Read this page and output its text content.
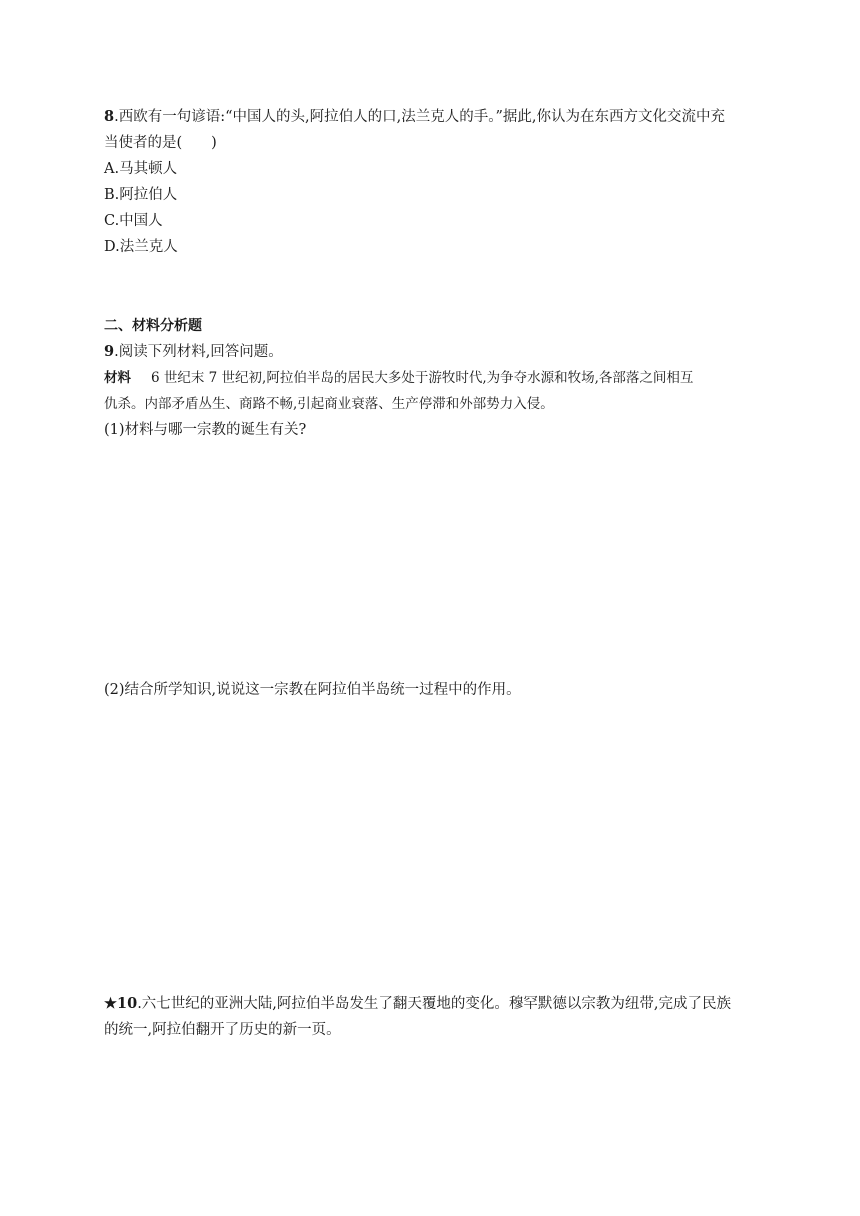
8.西欧有一句谚语:“中国人的头,阿拉伯人的口,法兰克人的手。”据此,你认为在东西方文化交流中充
当使者的是(　　)
A.马其顿人
B.阿拉伯人
C.中国人
D.法兰克人
二、材料分析题
9.阅读下列材料,回答问题。
材料 6 世纪末 7 世纪初,阿拉伯半岛的居民大多处于游牧时代,为争夺水源和牧场,各部落之间相互
仇杀。内部矛盾丛生、商路不畅,引起商业衰落、生产停滞和外部势力入侵。
(1)材料与哪一宗教的诞生有关?
(2)结合所学知识,说说这一宗教在阿拉伯半岛统一过程中的作用。
★10.六七世纪的亚洲大陆,阿拉伯半岛发生了翻天覆地的变化。穆罕默德以宗教为纽带,完成了民族
的统一,阿拉伯翻开了历史的新一页。
